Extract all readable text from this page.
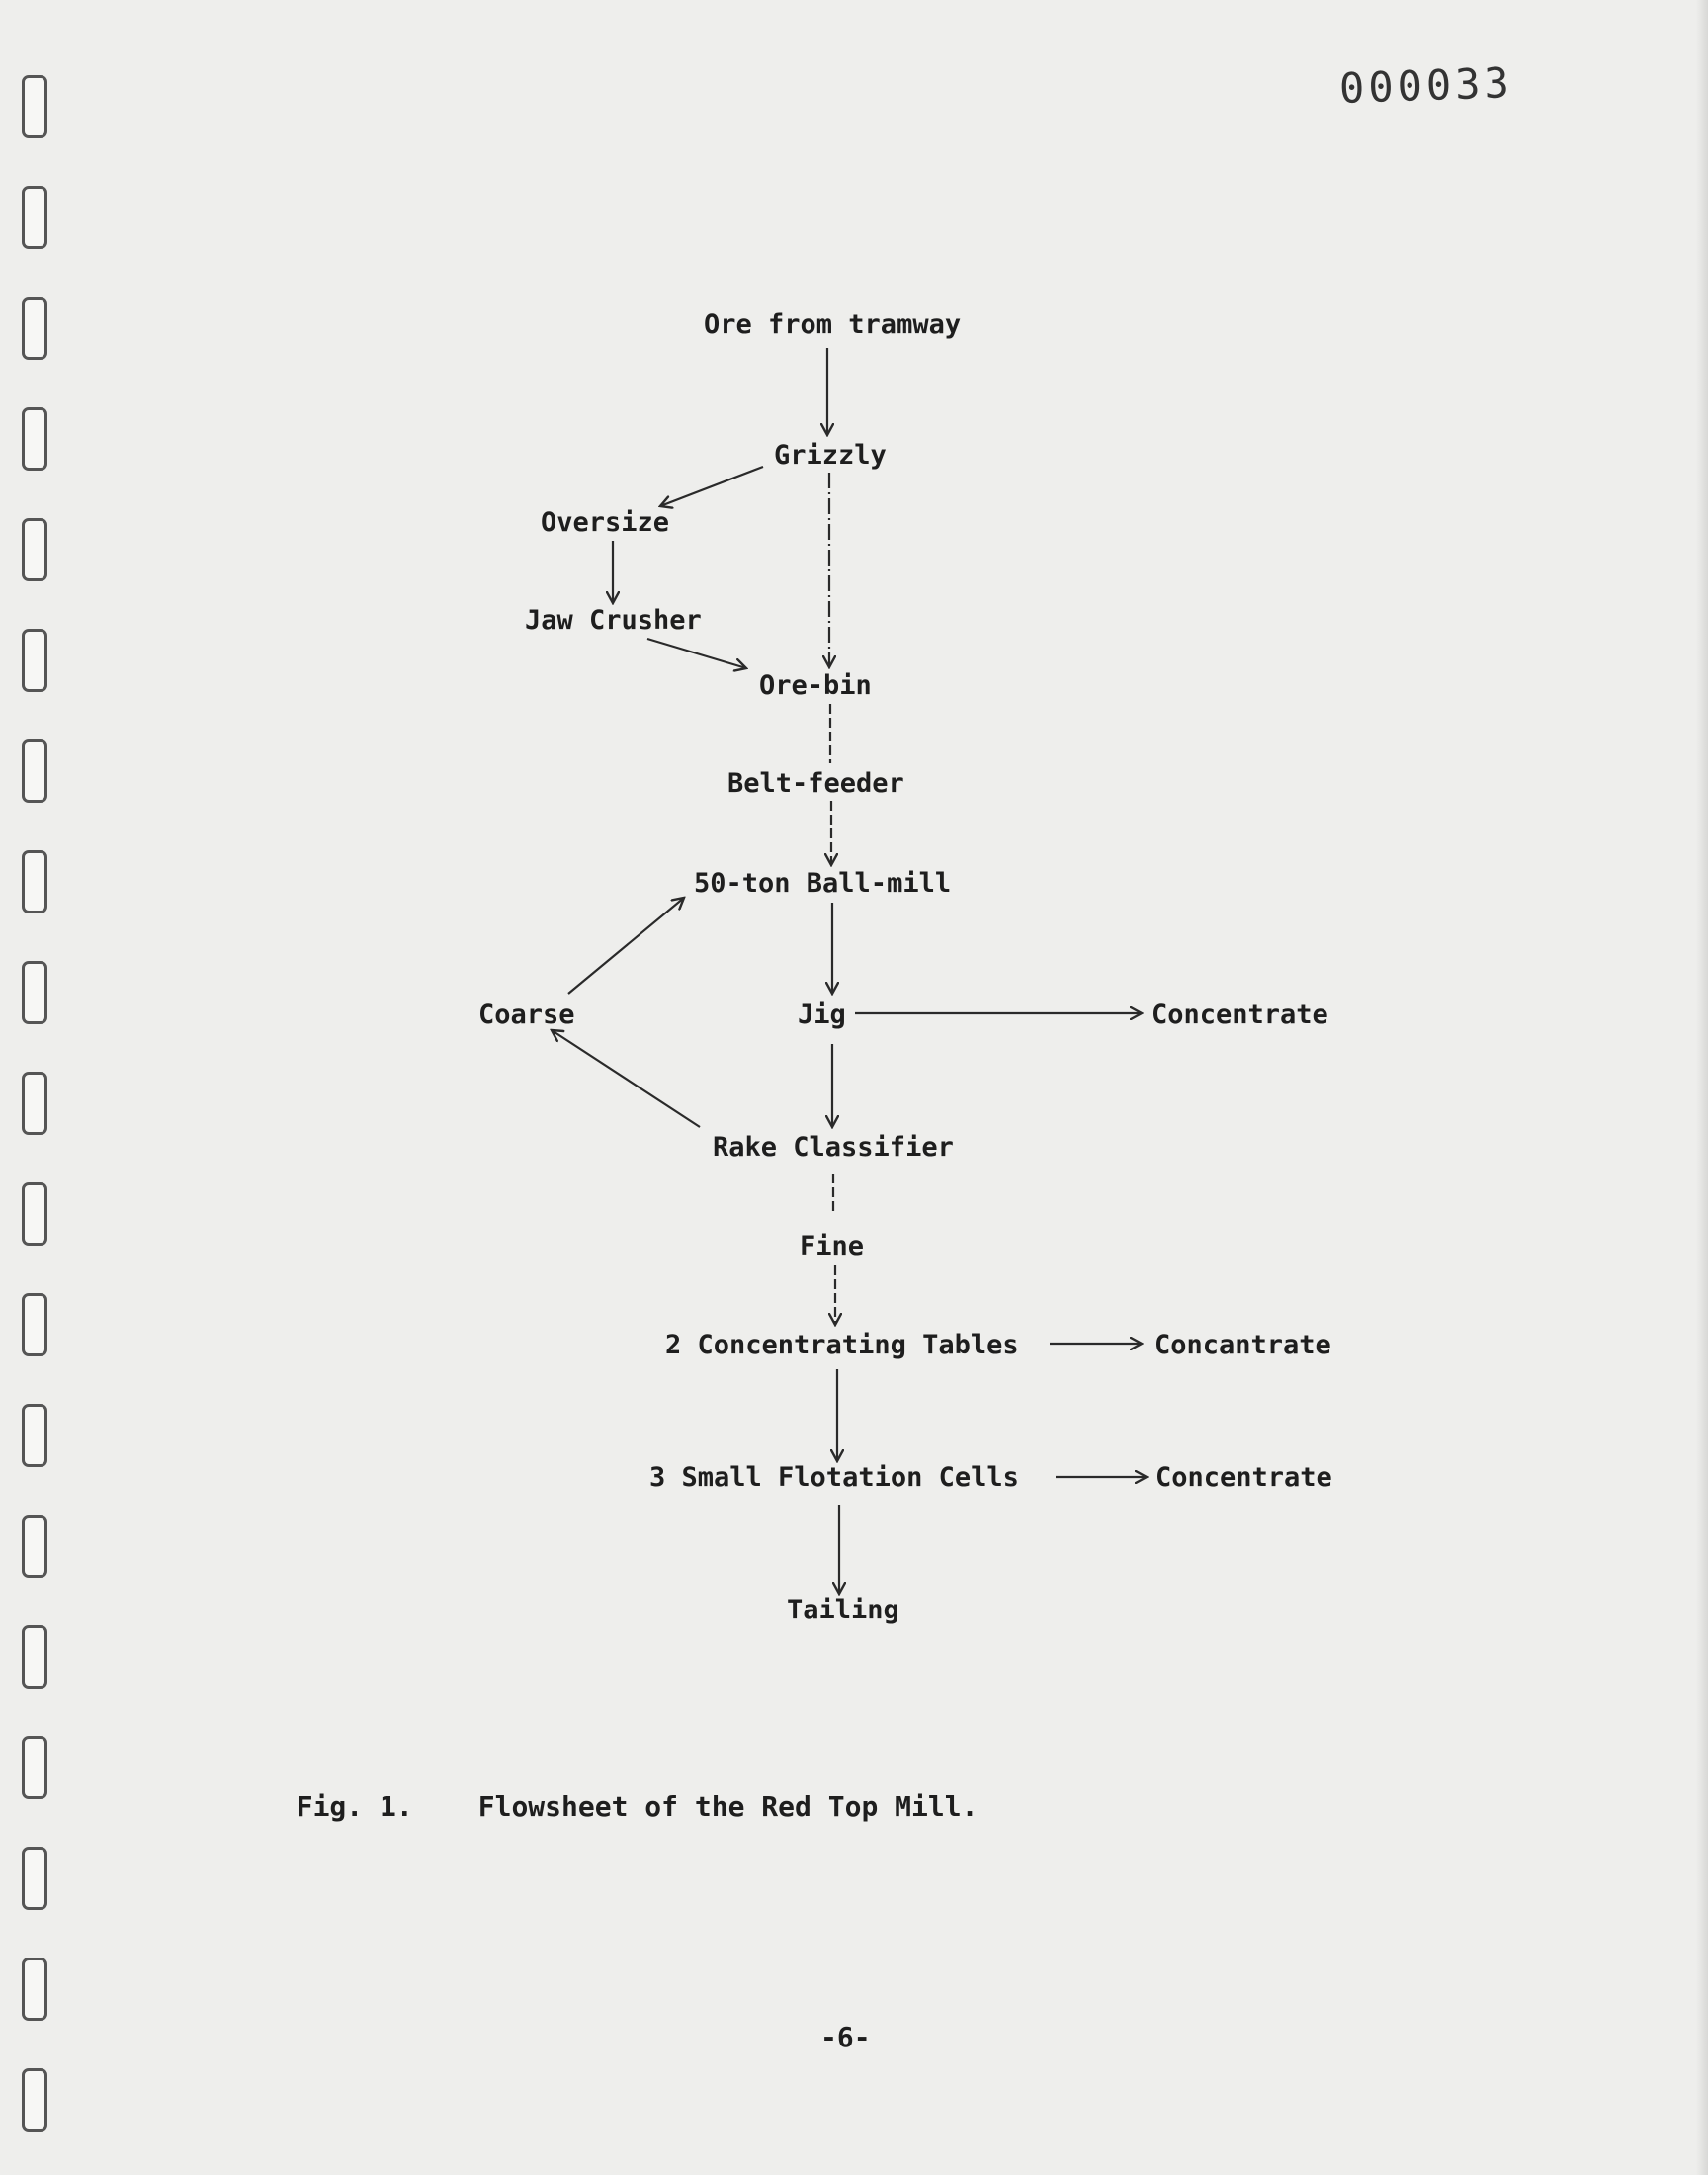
000033
Ore from tramway
Grizzly
Oversize
Jaw Crusher
Ore-bin
Belt-feeder
50-ton Ball-mill
Coarse	Jig	Concentrate
Rake Classifier
Fine
2 Concentrating Tables	Concantrate
3 Small Flotation Cells	Concentrate
Tailing

Fig. 1. Flowsheet of the Red Top Mill.

-6-
